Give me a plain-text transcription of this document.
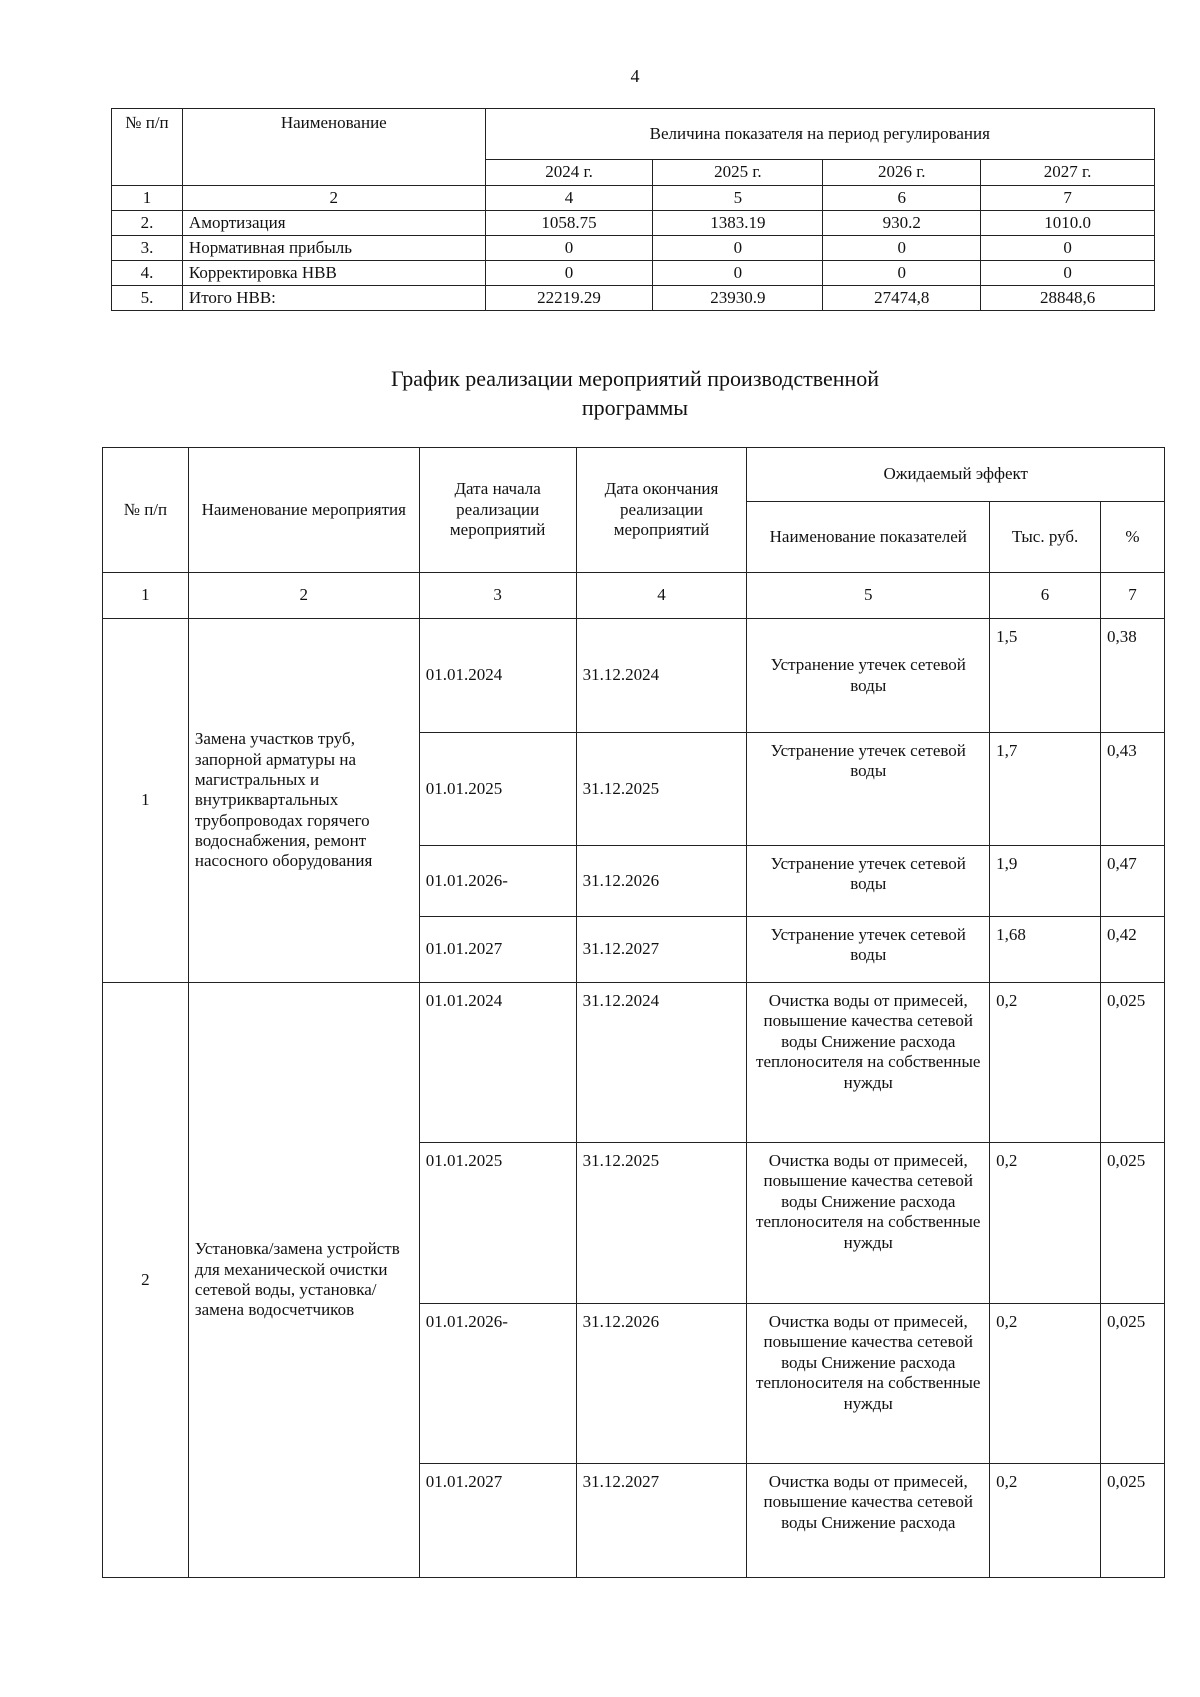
4
№ п/п	Наименование	Величина показателя на период регулирования			
		2024 г.	2025 г.	2026 г.	2027 г.
1	2	4	5	6	7
2.	Амортизация	1058.75	1383.19	930.2	1010.0
3.	Нормативная прибыль	0	0	0	0
4.	Корректировка НВВ	0	0	0	0
5.	Итого НВВ:	22219.29	23930.9	27474,8	28848,6
График реализации мероприятий производственной
программы
№ п/п	Наименование мероприятия	Дата начала реализации мероприятий	Дата окончания реализации мероприятий	Ожидаемый эффект		
				Наименование показателей	Тыс. руб.	%
1	2	3	4	5	6	7
1	Замена участков труб, запорной арматуры на магистральных и внутриквартальных трубопроводах горячего водоснабжения, ремонт насосного оборудования	01.01.2024	31.12.2024	Устранение утечек сетевой воды	1,5	0,38
		01.01.2025	31.12.2025	Устранение утечек сетевой воды	1,7	0,43
		01.01.2026-	31.12.2026	Устранение утечек сетевой воды	1,9	0,47
		01.01.2027	31.12.2027	Устранение утечек сетевой воды	1,68	0,42
2	Установка/замена устройств для механической очистки сетевой воды, установка/замена водосчетчиков	01.01.2024	31.12.2024	Очистка воды от примесей, повышение качества сетевой воды Снижение расхода теплоносителя на собственные нужды	0,2	0,025
		01.01.2025	31.12.2025	Очистка воды от примесей, повышение качества сетевой воды Снижение расхода теплоносителя на собственные нужды	0,2	0,025
		01.01.2026-	31.12.2026	Очистка воды от примесей, повышение качества сетевой воды Снижение расхода теплоносителя на собственные нужды	0,2	0,025
		01.01.2027	31.12.2027	Очистка воды от примесей, повышение качества сетевой воды Снижение расхода	0,2	0,025
